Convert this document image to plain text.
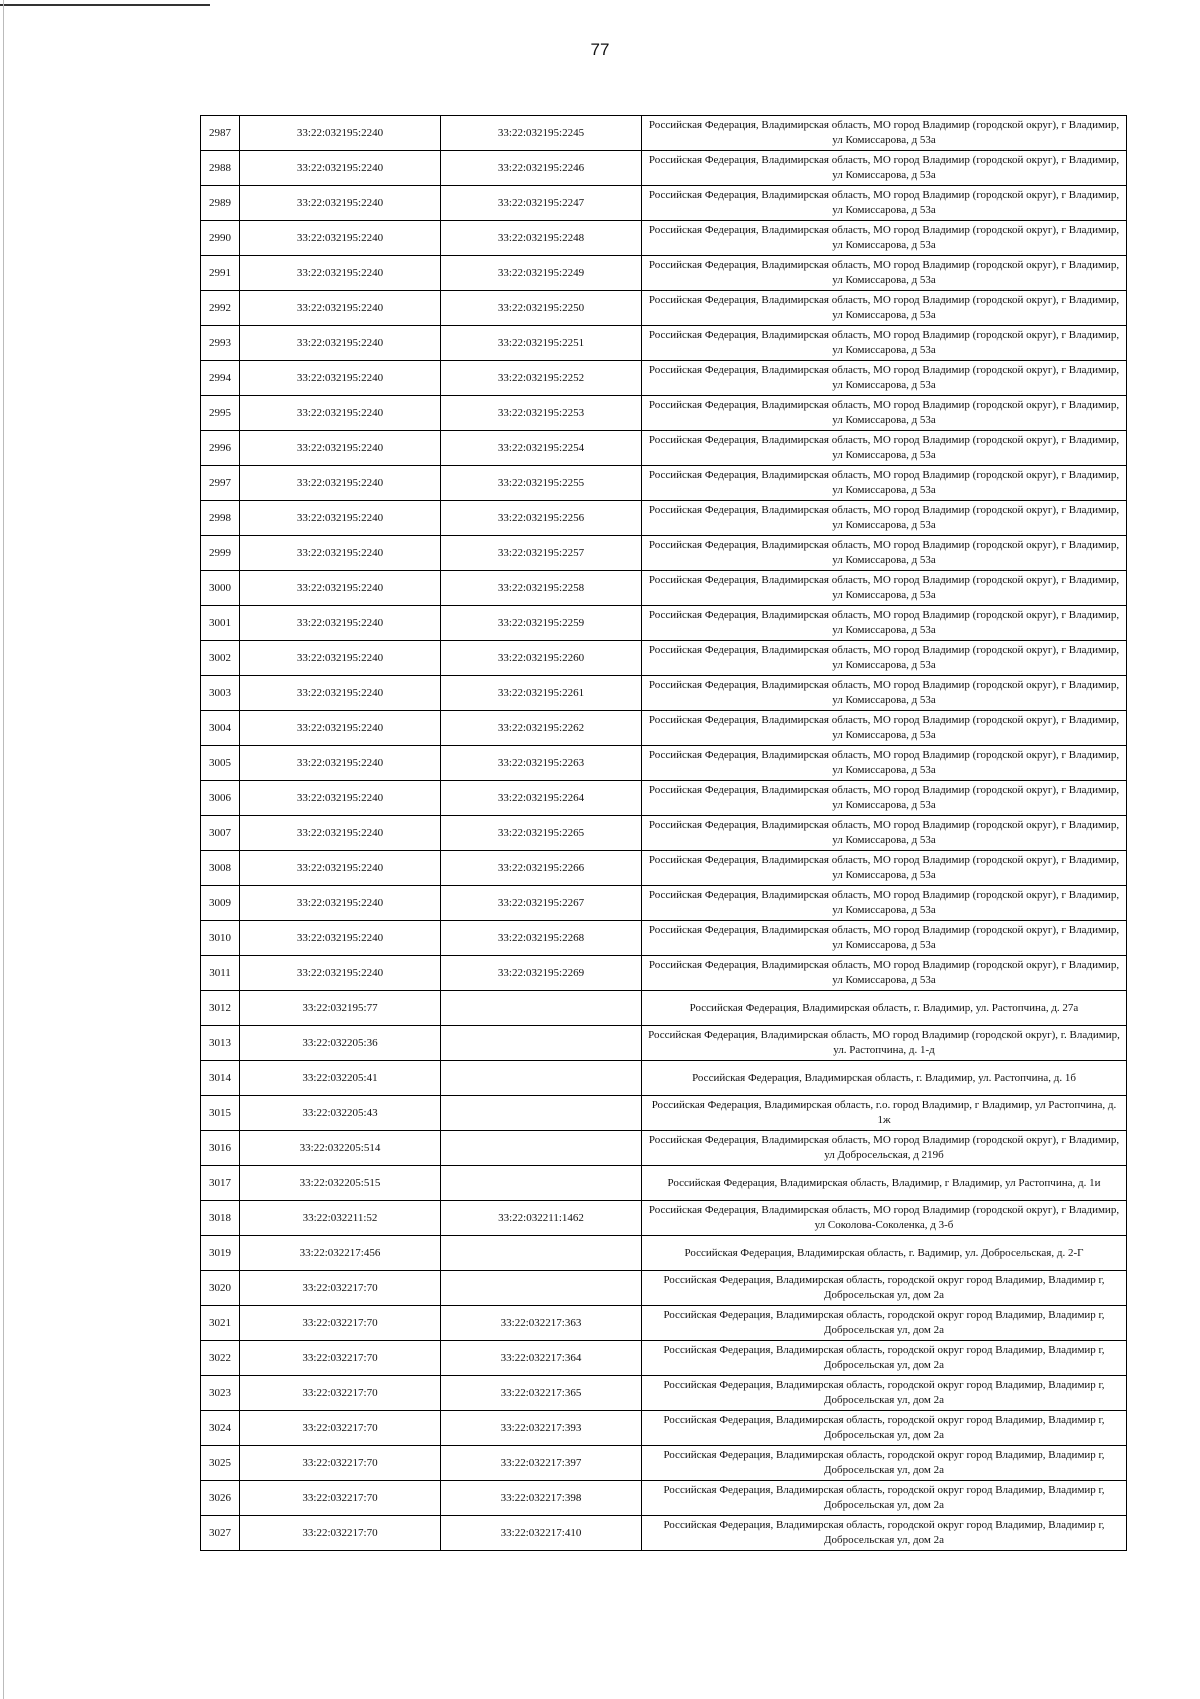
77
2987	33:22:032195:2240	33:22:032195:2245	Российская Федерация, Владимирская область, МО город Владимир (городской округ), г Владимир, ул Комиссарова, д 53а

2988	33:22:032195:2240	33:22:032195:2246	Российская Федерация, Владимирская область, МО город Владимир (городской округ), г Владимир, ул Комиссарова, д 53а

2989	33:22:032195:2240	33:22:032195:2247	Российская Федерация, Владимирская область, МО город Владимир (городской округ), г Владимир, ул Комиссарова, д 53а

2990	33:22:032195:2240	33:22:032195:2248	Российская Федерация, Владимирская область, МО город Владимир (городской округ), г Владимир, ул Комиссарова, д 53а

2991	33:22:032195:2240	33:22:032195:2249	Российская Федерация, Владимирская область, МО город Владимир (городской округ), г Владимир, ул Комиссарова, д 53а

2992	33:22:032195:2240	33:22:032195:2250	Российская Федерация, Владимирская область, МО город Владимир (городской округ), г Владимир, ул Комиссарова, д 53а

2993	33:22:032195:2240	33:22:032195:2251	Российская Федерация, Владимирская область, МО город Владимир (городской округ), г Владимир, ул Комиссарова, д 53а

2994	33:22:032195:2240	33:22:032195:2252	Российская Федерация, Владимирская область, МО город Владимир (городской округ), г Владимир, ул Комиссарова, д 53а

2995	33:22:032195:2240	33:22:032195:2253	Российская Федерация, Владимирская область, МО город Владимир (городской округ), г Владимир, ул Комиссарова, д 53а

2996	33:22:032195:2240	33:22:032195:2254	Российская Федерация, Владимирская область, МО город Владимир (городской округ), г Владимир, ул Комиссарова, д 53а

2997	33:22:032195:2240	33:22:032195:2255	Российская Федерация, Владимирская область, МО город Владимир (городской округ), г Владимир, ул Комиссарова, д 53а

2998	33:22:032195:2240	33:22:032195:2256	Российская Федерация, Владимирская область, МО город Владимир (городской округ), г Владимир, ул Комиссарова, д 53а

2999	33:22:032195:2240	33:22:032195:2257	Российская Федерация, Владимирская область, МО город Владимир (городской округ), г Владимир, ул Комиссарова, д 53а

3000	33:22:032195:2240	33:22:032195:2258	Российская Федерация, Владимирская область, МО город Владимир (городской округ), г Владимир, ул Комиссарова, д 53а

3001	33:22:032195:2240	33:22:032195:2259	Российская Федерация, Владимирская область, МО город Владимир (городской округ), г Владимир, ул Комиссарова, д 53а

3002	33:22:032195:2240	33:22:032195:2260	Российская Федерация, Владимирская область, МО город Владимир (городской округ), г Владимир, ул Комиссарова, д 53а

3003	33:22:032195:2240	33:22:032195:2261	Российская Федерация, Владимирская область, МО город Владимир (городской округ), г Владимир, ул Комиссарова, д 53а

3004	33:22:032195:2240	33:22:032195:2262	Российская Федерация, Владимирская область, МО город Владимир (городской округ), г Владимир, ул Комиссарова, д 53а

3005	33:22:032195:2240	33:22:032195:2263	Российская Федерация, Владимирская область, МО город Владимир (городской округ), г Владимир, ул Комиссарова, д 53а

3006	33:22:032195:2240	33:22:032195:2264	Российская Федерация, Владимирская область, МО город Владимир (городской округ), г Владимир, ул Комиссарова, д 53а

3007	33:22:032195:2240	33:22:032195:2265	Российская Федерация, Владимирская область, МО город Владимир (городской округ), г Владимир, ул Комиссарова, д 53а

3008	33:22:032195:2240	33:22:032195:2266	Российская Федерация, Владимирская область, МО город Владимир (городской округ), г Владимир, ул Комиссарова, д 53а

3009	33:22:032195:2240	33:22:032195:2267	Российская Федерация, Владимирская область, МО город Владимир (городской округ), г Владимир, ул Комиссарова, д 53а

3010	33:22:032195:2240	33:22:032195:2268	Российская Федерация, Владимирская область, МО город Владимир (городской округ), г Владимир, ул Комиссарова, д 53а

3011	33:22:032195:2240	33:22:032195:2269	Российская Федерация, Владимирская область, МО город Владимир (городской округ), г Владимир, ул Комиссарова, д 53а

3012	33:22:032195:77		Российская Федерация, Владимирская область, г. Владимир, ул. Растопчина, д. 27а

3013	33:22:032205:36		Российская Федерация, Владимирская область, МО город Владимир (городской округ), г. Владимир, ул. Растопчина, д. 1-д

3014	33:22:032205:41		Российская Федерация, Владимирская область, г. Владимир, ул. Растопчина, д. 1б

3015	33:22:032205:43		Российская Федерация, Владимирская область, г.о. город Владимир, г Владимир, ул Растопчина, д. 1ж

3016	33:22:032205:514		Российская Федерация, Владимирская область, МО город Владимир (городской округ), г Владимир, ул Добросельская, д 219б

3017	33:22:032205:515		Российская Федерация, Владимирская область, Владимир, г Владимир, ул Растопчина, д. 1и

3018	33:22:032211:52	33:22:032211:1462	Российская Федерация, Владимирская область, МО город Владимир (городской округ), г Владимир, ул Соколова-Соколенка, д 3-б

3019	33:22:032217:456		Российская Федерация, Владимирская область, г. Вадимир, ул. Добросельская, д. 2-Г

3020	33:22:032217:70		Российская Федерация, Владимирская область, городской округ город Владимир, Владимир г, Добросельская ул, дом 2а

3021	33:22:032217:70	33:22:032217:363	Российская Федерация, Владимирская область, городской округ город Владимир, Владимир г, Добросельская ул, дом 2а

3022	33:22:032217:70	33:22:032217:364	Российская Федерация, Владимирская область, городской округ город Владимир, Владимир г, Добросельская ул, дом 2а

3023	33:22:032217:70	33:22:032217:365	Российская Федерация, Владимирская область, городской округ город Владимир, Владимир г, Добросельская ул, дом 2а

3024	33:22:032217:70	33:22:032217:393	Российская Федерация, Владимирская область, городской округ город Владимир, Владимир г, Добросельская ул, дом 2а

3025	33:22:032217:70	33:22:032217:397	Российская Федерация, Владимирская область, городской округ город Владимир, Владимир г, Добросельская ул, дом 2а

3026	33:22:032217:70	33:22:032217:398	Российская Федерация, Владимирская область, городской округ город Владимир, Владимир г, Добросельская ул, дом 2а

3027	33:22:032217:70	33:22:032217:410	Российская Федерация, Владимирская область, городской округ город Владимир, Владимир г, Добросельская ул, дом 2а
